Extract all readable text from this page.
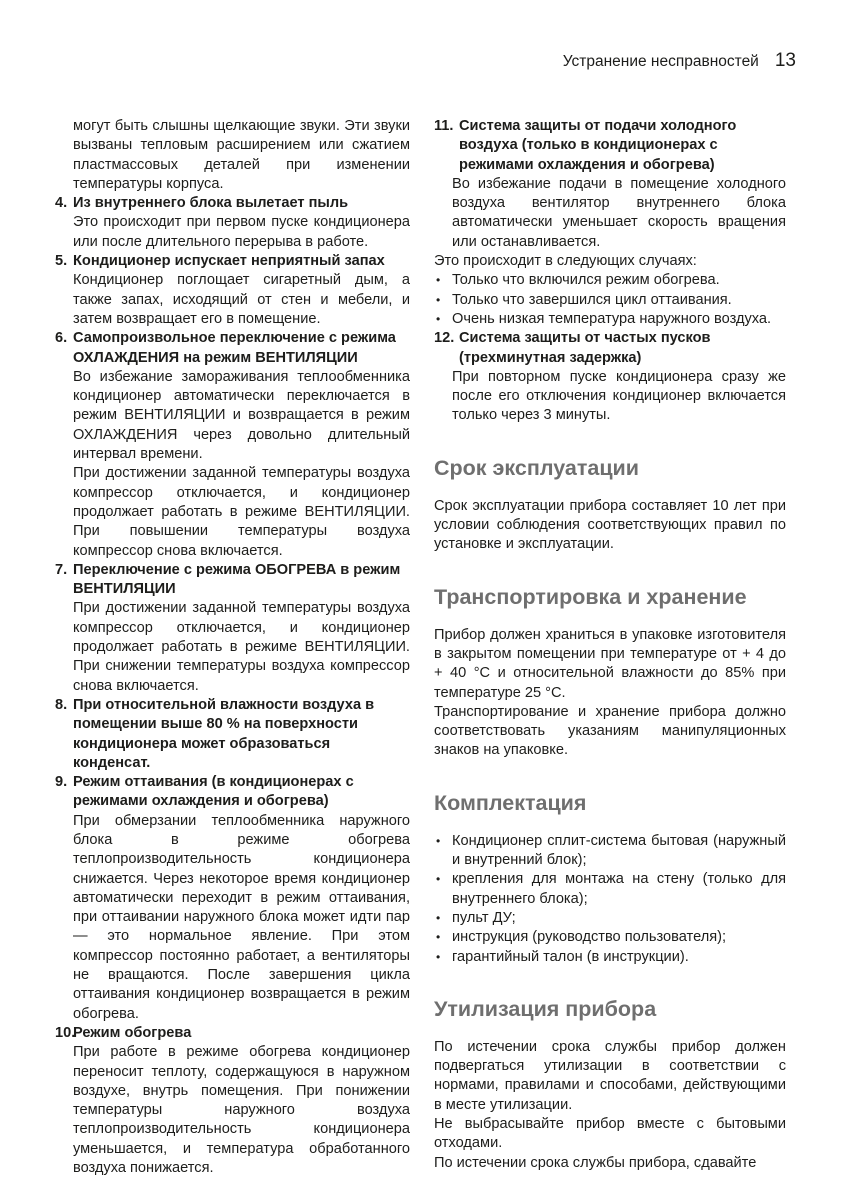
Устранение несправностей 13

могут быть слышны щелкающие звуки. Эти звуки вызваны тепловым расширением или сжатием пластмассовых деталей при изменении температуры корпуса.

4. Из внутреннего блока вылетает пыль

Это происходит при первом пуске кондиционера или после длительного перерыва в работе.

5. Кондиционер испускает неприятный запах

Кондиционер поглощает сигаретный дым, а также запах, исходящий от стен и мебели, и затем возвращает его в помещение.

6. Самопроизвольное переключение с режима ОХЛАЖДЕНИЯ на режим ВЕНТИЛЯЦИИ

Во избежание замораживания теплообменника кондиционер автоматически переключается в режим ВЕНТИЛЯЦИИ и возвращается в режим ОХЛАЖДЕНИЯ через довольно длительный интервал времени.

При достижении заданной температуры воздуха компрессор отключается, и кондиционер продолжает работать в режиме ВЕНТИЛЯЦИИ. При повышении температуры воздуха компрессор снова включается.

7. Переключение с режима ОБОГРЕВА в режим ВЕНТИЛЯЦИИ

При достижении заданной температуры воздуха компрессор отключается, и кондиционер продолжает работать в режиме ВЕНТИЛЯЦИИ. При снижении температуры воздуха компрессор снова включается.

8. При относительной влажности воздуха в помещении выше 80 % на поверхности кондиционера может образоваться конденсат.
9. Режим оттаивания (в кондиционерах с режимами охлаждения и обогрева)

При обмерзании теплообменника наружного блока в режиме обогрева теплопроизводительность кондиционера снижается. Через некоторое время кондиционер автоматически переходит в режим оттаивания, при оттаивании наружного блока может идти пар — это нормальное явление. При этом компрессор постоянно работает, а вентиляторы не вращаются. После завершения цикла оттаивания кондиционер возвращается в режим обогрева.

10.
Режим обогрева

При работе в режиме обогрева кондиционер переносит теплоту, содержащуюся в наружном воздухе, внутрь помещения. При понижении температуры наружного воздуха теплопроизводительность кондиционера уменьшается, и температура обработанного воздуха понижается.

11. Система защиты от подачи холодного воздуха (только в кондиционерах с режимами охлаждения и обогрева)

Во избежание подачи в помещение холодного воздуха вентилятор внутреннего блока автоматически уменьшает скорость вращения или останавливается.

Это происходит в следующих случаях:

• Только что включился режим обогрева.
• Только что завершился цикл оттаивания.
• Очень низкая температура наружного воздуха.
12. Система защиты от частых пусков (трехминутная задержка)

При повторном пуске кондиционера сразу же после его отключения кондиционер включается только через 3 минуты.

Срок эксплуатации

Срок эксплуатации прибора составляет 10 лет при условии соблюдения соответствующих правил по установке и эксплуатации.

Транспортировка и хранение

Прибор должен храниться в упаковке изготовителя в закрытом помещении при температуре от + 4 до + 40 °С и относительной влажности до 85% при температуре 25 °С.

Транспортирование и хранение прибора должно соответствовать указаниям манипуляционных знаков на упаковке.

Комплектация
• Кондиционер сплит-система бытовая (наружный и внутренний блок);
• крепления для монтажа на стену (только для внутреннего блока);
• пульт ДУ;
• инструкция (руководство пользователя);
• гарантийный талон (в инструкции).
Утилизация прибора

По истечении срока службы прибор должен подвергаться утилизации в соответствии с нормами, правилами и способами, действующими в месте утилизации.

Не выбрасывайте прибор вместе с бытовыми отходами.

По истечении срока службы прибора, сдавайте
